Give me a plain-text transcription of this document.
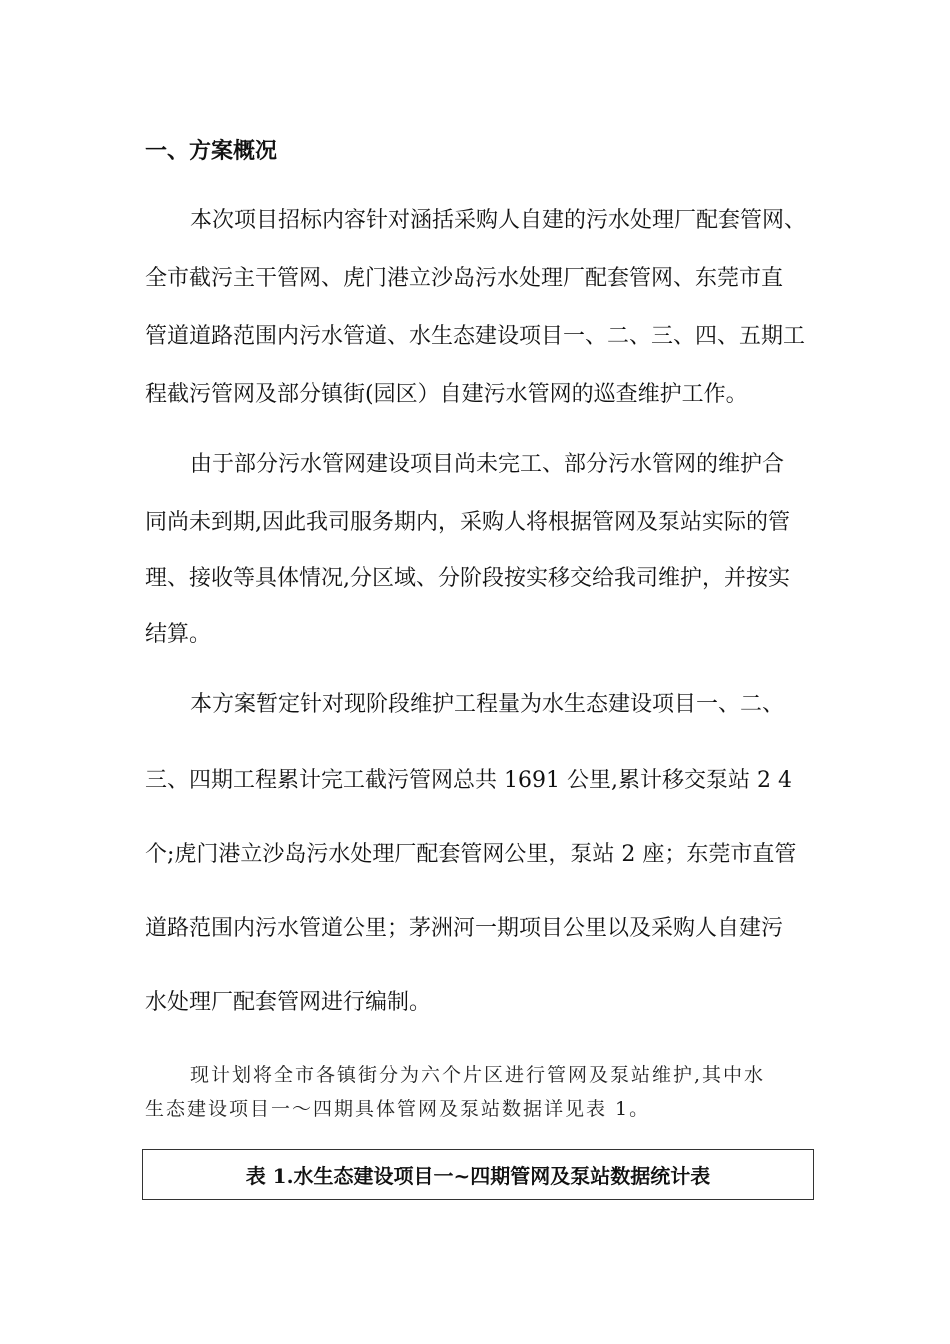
一、方案概况
本次项目招标内容针对涵括采购人自建的污水处理厂配套管网、
全市截污主干管网、虎门港立沙岛污水处理厂配套管网、东莞市直
管道道路范围内污水管道、水生态建设项目一、二、三、四、五期工
程截污管网及部分镇街(园区）自建污水管网的巡查维护工作。
由于部分污水管网建设项目尚未完工、部分污水管网的维护合
同尚未到期,因此我司服务期内，采购人将根据管网及泵站实际的管
理、接收等具体情况,分区域、分阶段按实移交给我司维护，并按实
结算。
本方案暂定针对现阶段维护工程量为水生态建设项目一、二、
三、四期工程累计完工截污管网总共 1691 公里,累计移交泵站 2 4
个;虎门港立沙岛污水处理厂配套管网公里，泵站 2 座；东莞市直管
道路范围内污水管道公里；茅洲河一期项目公里以及采购人自建污
水处理厂配套管网进行编制。
现计划将全市各镇街分为六个片区进行管网及泵站维护,其中水
生态建设项目一～四期具体管网及泵站数据详见表 1。
表 1.水生态建设项目一~四期管网及泵站数据统计表
